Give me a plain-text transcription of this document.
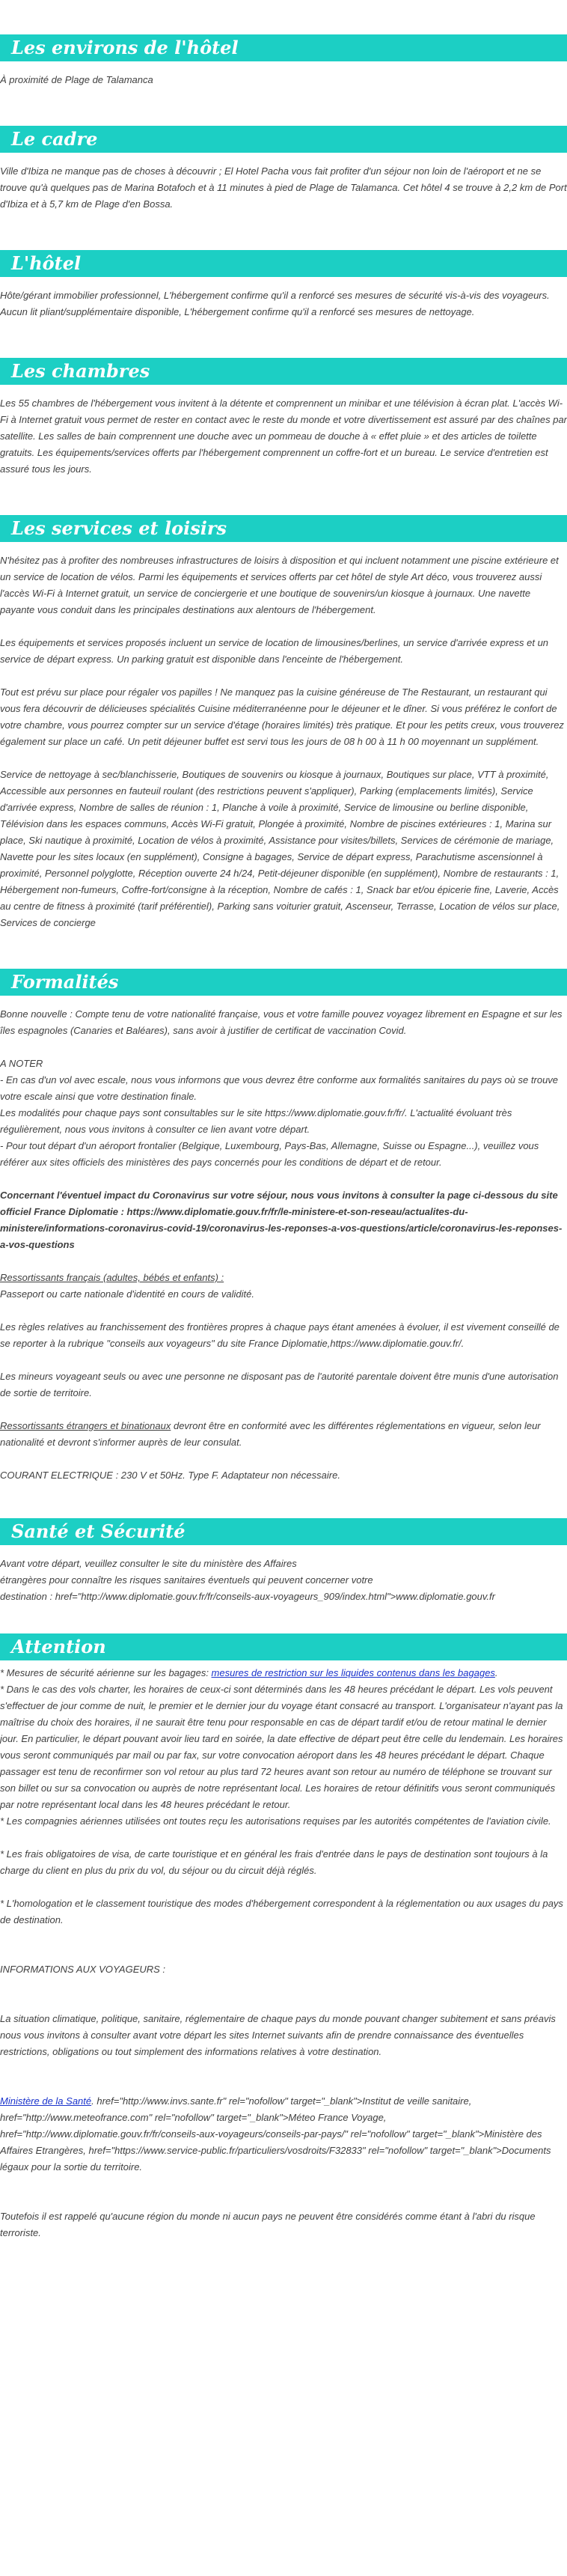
Les environs de l'hôtel

À proximité de Plage de Talamanca

Le cadre

Ville d'Ibiza ne manque pas de choses à découvrir ; El Hotel Pacha vous fait profiter d'un séjour non loin de l'aéroport et ne se trouve qu'à quelques pas de Marina Botafoch et à 11 minutes à pied de Plage de Talamanca. Cet hôtel 4 se trouve à 2,2 km de Port d'Ibiza et à 5,7 km de Plage d'en Bossa.

L'hôtel

Hôte/gérant immobilier professionnel, L'hébergement confirme qu'il a renforcé ses mesures de sécurité vis-à-vis des voyageurs. Aucun lit pliant/supplémentaire disponible, L'hébergement confirme qu'il a renforcé ses mesures de nettoyage.

Les chambres

Les 55 chambres de l'hébergement vous invitent à la détente et comprennent un minibar et une télévision à écran plat. L'accès Wi-Fi à Internet gratuit vous permet de rester en contact avec le reste du monde et votre divertissement est assuré par des chaînes par satellite. Les salles de bain comprennent une douche avec un pommeau de douche à « effet pluie » et des articles de toilette gratuits. Les équipements/services offerts par l'hébergement comprennent un coffre-fort et un bureau. Le service d'entretien est assuré tous les jours.

Les services et loisirs

N'hésitez pas à profiter des nombreuses infrastructures de loisirs à disposition et qui incluent notamment une piscine extérieure et un service de location de vélos. Parmi les équipements et services offerts par cet hôtel de style Art déco, vous trouverez aussi l'accès Wi-Fi à Internet gratuit, un service de conciergerie et une boutique de souvenirs/un kiosque à journaux. Une navette payante vous conduit dans les principales destinations aux alentours de l'hébergement.

Les équipements et services proposés incluent un service de location de limousines/berlines, un service d'arrivée express et un service de départ express. Un parking gratuit est disponible dans l'enceinte de l'hébergement.

Tout est prévu sur place pour régaler vos papilles ! Ne manquez pas la cuisine généreuse de The Restaurant, un restaurant qui vous fera découvrir de délicieuses spécialités Cuisine méditerranéenne pour le déjeuner et le dîner. Si vous préférez le confort de votre chambre, vous pourrez compter sur un service d'étage (horaires limités) très pratique. Et pour les petits creux, vous trouverez également sur place un café. Un petit déjeuner buffet est servi tous les jours de 08 h 00 à 11 h 00 moyennant un supplément.

Service de nettoyage à sec/blanchisserie, Boutiques de souvenirs ou kiosque à journaux, Boutiques sur place, VTT à proximité, Accessible aux personnes en fauteuil roulant (des restrictions peuvent s'appliquer), Parking (emplacements limités), Service d'arrivée express, Nombre de salles de réunion : 1, Planche à voile à proximité, Service de limousine ou berline disponible, Télévision dans les espaces communs, Accès Wi-Fi gratuit, Plongée à proximité, Nombre de piscines extérieures : 1, Marina sur place, Ski nautique à proximité, Location de vélos à proximité, Assistance pour visites/billets, Services de cérémonie de mariage, Navette pour les sites locaux (en supplément), Consigne à bagages, Service de départ express, Parachutisme ascensionnel à proximité, Personnel polyglotte, Réception ouverte 24 h/24, Petit-déjeuner disponible (en supplément), Nombre de restaurants : 1, Hébergement non-fumeurs, Coffre-fort/consigne à la réception, Nombre de cafés : 1, Snack bar et/ou épicerie fine, Laverie, Accès au centre de fitness à proximité (tarif préférentiel), Parking sans voiturier gratuit, Ascenseur, Terrasse, Location de vélos sur place, Services de concierge

Formalités

Bonne nouvelle : Compte tenu de votre nationalité française, vous et votre famille pouvez voyagez librement en Espagne et sur les îles espagnoles (Canaries et Baléares), sans avoir à justifier de certificat de vaccination Covid.

A NOTER

- En cas d'un vol avec escale, nous vous informons que vous devrez être conforme aux formalités sanitaires du pays où se trouve votre escale ainsi que votre destination finale.

Les modalités pour chaque pays sont consultables sur le site https://www.diplomatie.gouv.fr/fr/. L'actualité évoluant très régulièrement, nous vous invitons à consulter ce lien avant votre départ.

- Pour tout départ d'un aéroport frontalier (Belgique, Luxembourg, Pays-Bas, Allemagne, Suisse ou Espagne...), veuillez vous référer aux sites officiels des ministères des pays concernés pour les conditions de départ et de retour.

Concernant l'éventuel impact du Coronavirus sur votre séjour, nous vous invitons à consulter la page ci-dessous du site officiel France Diplomatie : https://www.diplomatie.gouv.fr/fr/le-ministere-et-son-reseau/actualites-du-ministere/informations-coronavirus-covid-19/coronavirus-les-reponses-a-vos-questions/article/coronavirus-les-reponses-a-vos-questions

Ressortissants français (adultes, bébés et enfants) :
Passeport ou carte nationale d'identité en cours de validité.

Les règles relatives au franchissement des frontières propres à chaque pays étant amenées à évoluer, il est vivement conseillé de se reporter à la rubrique "conseils aux voyageurs" du site France Diplomatie,https://www.diplomatie.gouv.fr/.

Les mineurs voyageant seuls ou avec une personne ne disposant pas de l'autorité parentale doivent être munis d'une autorisation de sortie de territoire.

Ressortissants étrangers et binationaux devront être en conformité avec les différentes réglementations en vigueur, selon leur nationalité et devront s'informer auprès de leur consulat.

COURANT ELECTRIQUE : 230 V et 50Hz. Type F. Adaptateur non nécessaire.

Santé et Sécurité

Avant votre départ, veuillez consulter le site du ministère des Affaires

étrangères pour connaître les risques sanitaires éventuels qui peuvent concerner votre

destination : href="http://www.diplomatie.gouv.fr/fr/conseils-aux-voyageurs_909/index.html">www.diplomatie.gouv.fr

Attention

* Mesures de sécurité aérienne sur les bagages: mesures de restriction sur les liquides contenus dans les bagages.

* Dans le cas des vols charter, les horaires de ceux-ci sont déterminés dans les 48 heures précédant le départ. Les vols peuvent s'effectuer de jour comme de nuit, le premier et le dernier jour du voyage étant consacré au transport. L'organisateur n'ayant pas la maîtrise du choix des horaires, il ne saurait être tenu pour responsable en cas de départ tardif et/ou de retour matinal le dernier jour. En particulier, le départ pouvant avoir lieu tard en soirée, la date effective de départ peut être celle du lendemain. Les horaires vous seront communiqués par mail ou par fax, sur votre convocation aéroport dans les 48 heures précédant le départ. Chaque passager est tenu de reconfirmer son vol retour au plus tard 72 heures avant son retour au numéro de téléphone se trouvant sur son billet ou sur sa convocation ou auprès de notre représentant local. Les horaires de retour définitifs vous seront communiqués par notre représentant local dans les 48 heures précédant le retour.

* Les compagnies aériennes utilisées ont toutes reçu les autorisations requises par les autorités compétentes de l'aviation civile.

* Les frais obligatoires de visa, de carte touristique et en général les frais d'entrée dans le pays de destination sont toujours à la charge du client en plus du prix du vol, du séjour ou du circuit déjà réglés.

* L'homologation et le classement touristique des modes d'hébergement correspondent à la réglementation ou aux usages du pays de destination.

INFORMATIONS AUX VOYAGEURS :

La situation climatique, politique, sanitaire, réglementaire de chaque pays du monde pouvant changer subitement et sans préavis

nous vous invitons à consulter avant votre départ les sites Internet suivants afin de prendre connaissance des éventuelles restrictions, obligations ou tout simplement des informations relatives à votre destination.

Ministère de la Santé. href="http://www.invs.sante.fr" rel="nofollow" target="_blank">Institut de veille sanitaire, href="http://www.meteofrance.com" rel="nofollow" target="_blank">Méteo France Voyage, href="http://www.diplomatie.gouv.fr/fr/conseils-aux-voyageurs/conseils-par-pays/" rel="nofollow" target="_blank">Ministère des Affaires Etrangères, href="https://www.service-public.fr/particuliers/vosdroits/F32833" rel="nofollow" target="_blank">Documents légaux pour la sortie du territoire.

Toutefois il est rappelé qu'aucune région du monde ni aucun pays ne peuvent être considérés comme étant à l'abri du risque terroriste.
